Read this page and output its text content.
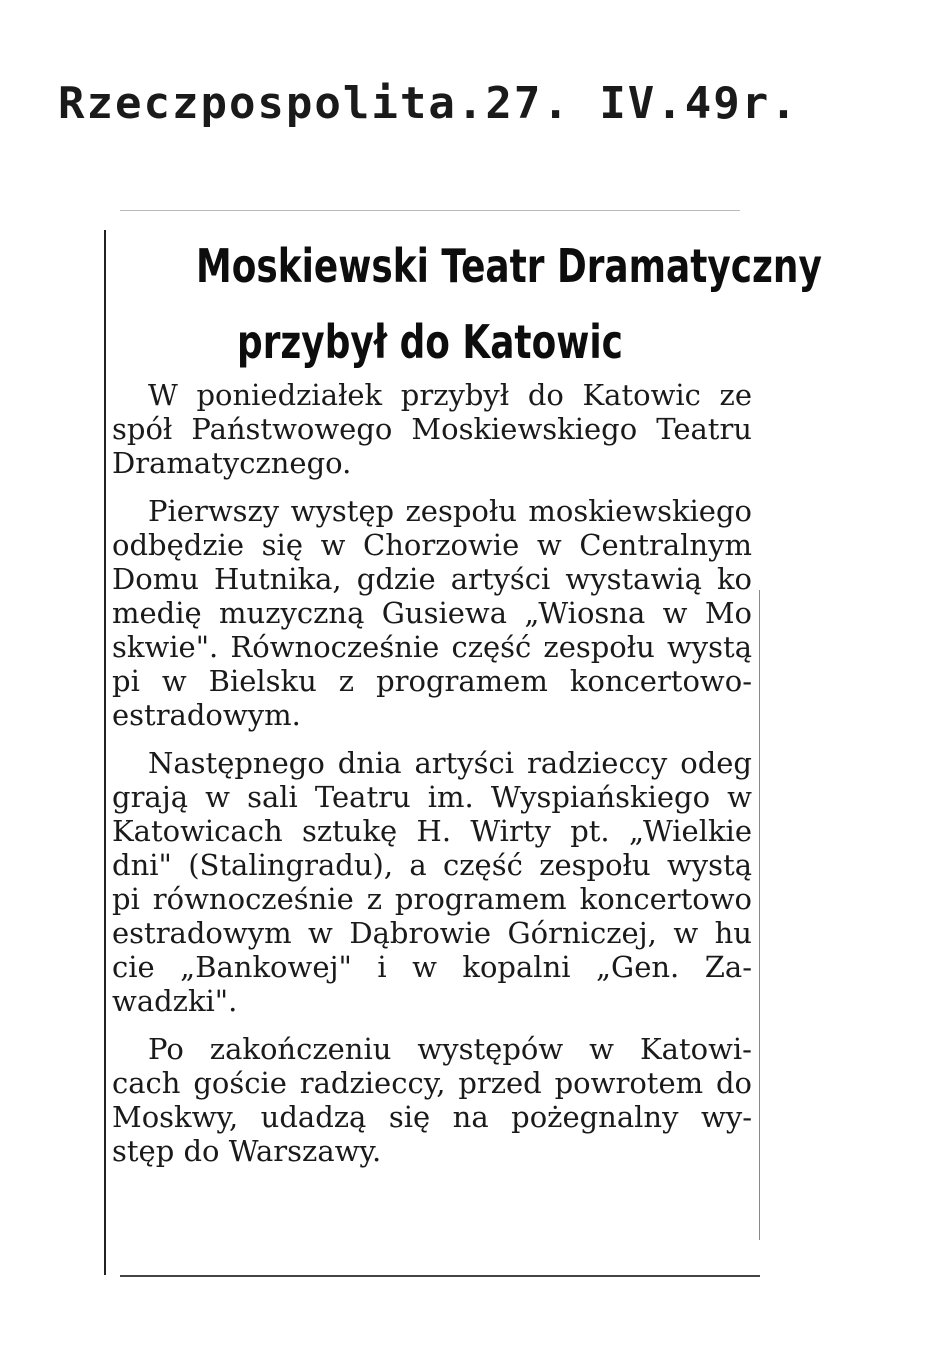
Rzeczpospolita.27. IV.49r.
Moskiewski Teatr Dramatyczny
przybył do Katowic
W poniedziałek przybył do Katowic ze
spół Państwowego Moskiewskiego Teatru
Dramatycznego.
Pierwszy występ zespołu moskiewskiego
odbędzie się w Chorzowie w Centralnym
Domu Hutnika, gdzie artyści wystawią ko
medię muzyczną Gusiewa „Wiosna w Mo
skwie". Równocześnie część zespołu wystą
pi w Bielsku z programem koncertowo-
estradowym.
Następnego dnia artyści radzieccy odeg
grają w sali Teatru im. Wyspiańskiego w
Katowicach sztukę H. Wirty pt. „Wielkie
dni" (Stalingradu), a część zespołu wystą
pi równocześnie z programem koncertowo
estradowym w Dąbrowie Górniczej, w hu
cie „Bankowej" i w kopalni „Gen. Za-
wadzki".
Po zakończeniu występów w Katowi-
cach goście radzieccy, przed powrotem do
Moskwy, udadzą się na pożegnalny wy-
stęp do Warszawy.
